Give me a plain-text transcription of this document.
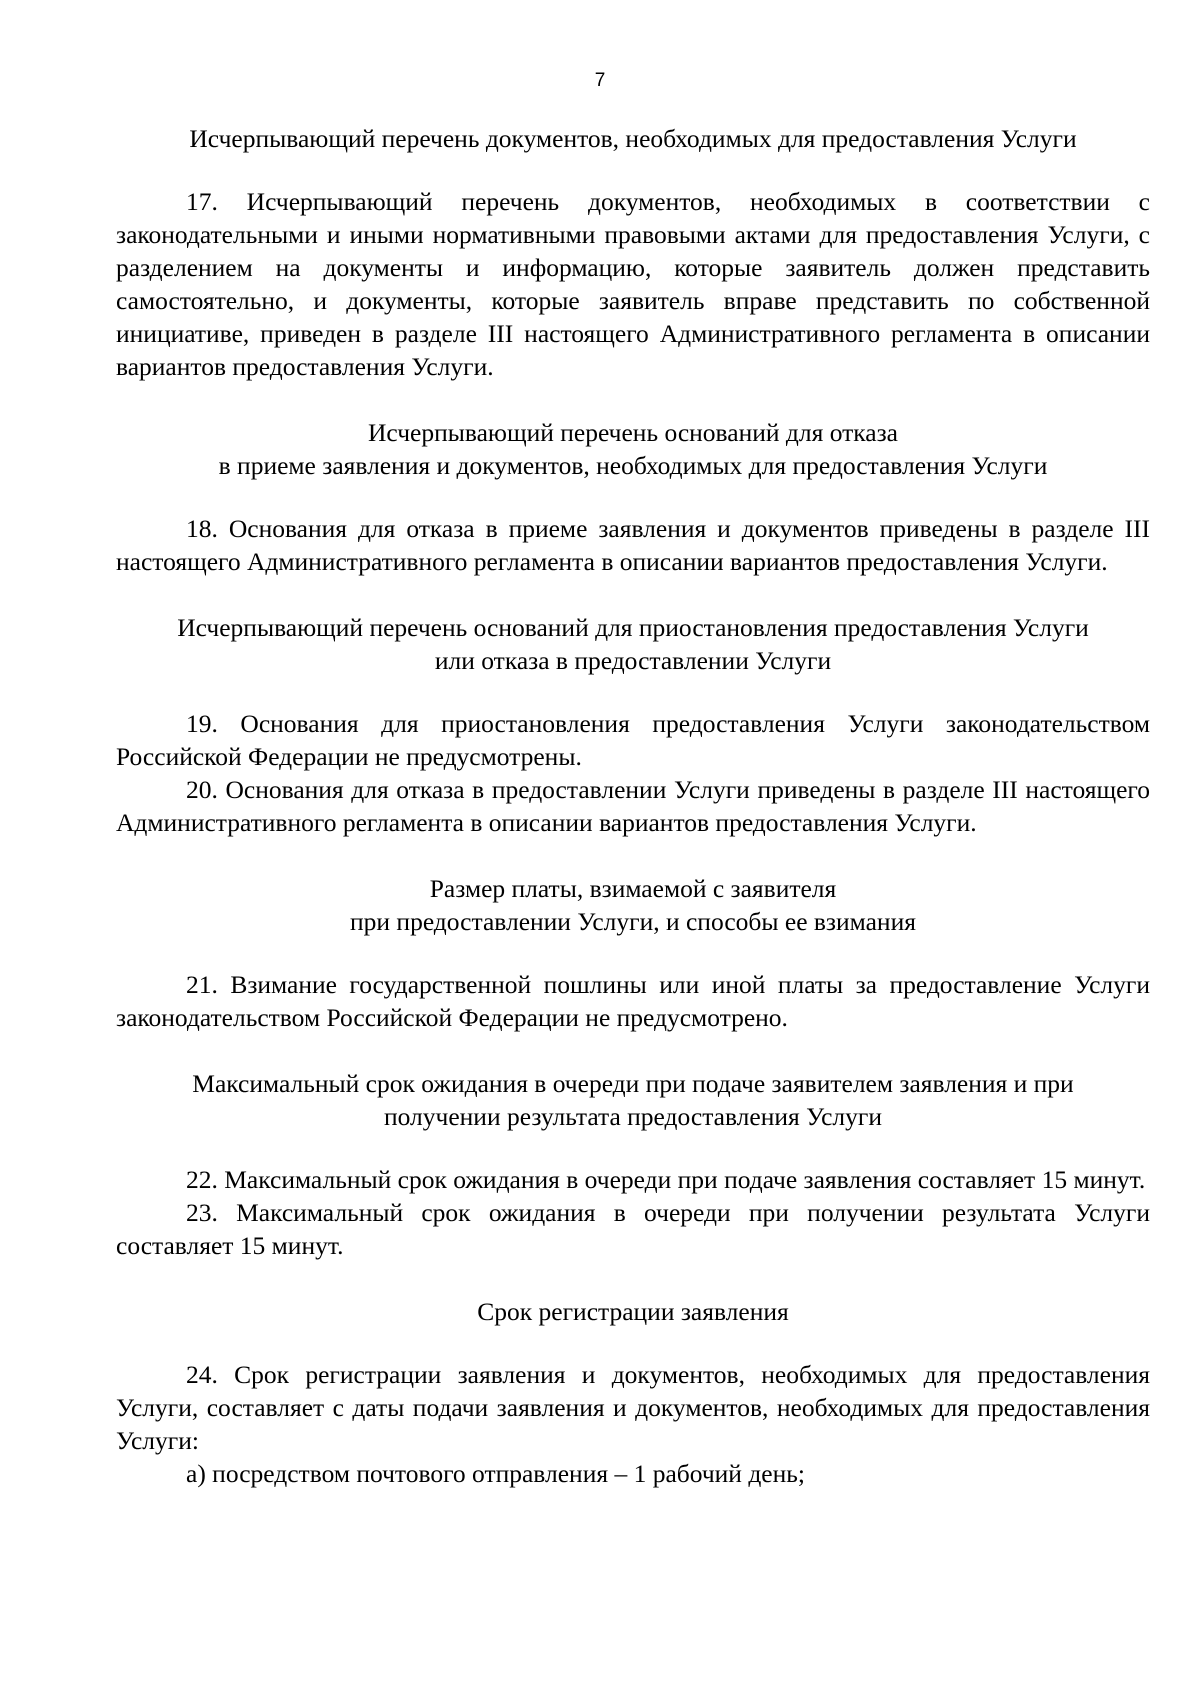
7

Исчерпывающий перечень документов, необходимых для предоставления Услуги

17. Исчерпывающий перечень документов, необходимых в соответствии с законодательными и иными нормативными правовыми актами для предоставления Услуги, с разделением на документы и информацию, которые заявитель должен представить самостоятельно, и документы, которые заявитель вправе представить по собственной инициативе, приведен в разделе III настоящего Административного регламента в описании вариантов предоставления Услуги.

Исчерпывающий перечень оснований для отказа

в приеме заявления и документов, необходимых для предоставления Услуги

18. Основания для отказа в приеме заявления и документов приведены в разделе III настоящего Административного регламента в описании вариантов предоставления Услуги.

Исчерпывающий перечень оснований для приостановления предоставления Услуги

или отказа в предоставлении Услуги

19. Основания для приостановления предоставления Услуги законодательством Российской Федерации не предусмотрены.

20. Основания для отказа в предоставлении Услуги приведены в разделе III настоящего Административного регламента в описании вариантов предоставления Услуги.

Размер платы, взимаемой с заявителя

при предоставлении Услуги, и способы ее взимания

21. Взимание государственной пошлины или иной платы за предоставление Услуги законодательством Российской Федерации не предусмотрено.

Максимальный срок ожидания в очереди при подаче заявителем заявления и при

получении результата предоставления Услуги

22. Максимальный срок ожидания в очереди при подаче заявления составляет 15 минут.

23. Максимальный срок ожидания в очереди при получении результата Услуги составляет 15 минут.

Срок регистрации заявления

24. Срок регистрации заявления и документов, необходимых для предоставления Услуги, составляет с даты подачи заявления и документов, необходимых для предоставления Услуги:

а) посредством почтового отправления – 1 рабочий день;
